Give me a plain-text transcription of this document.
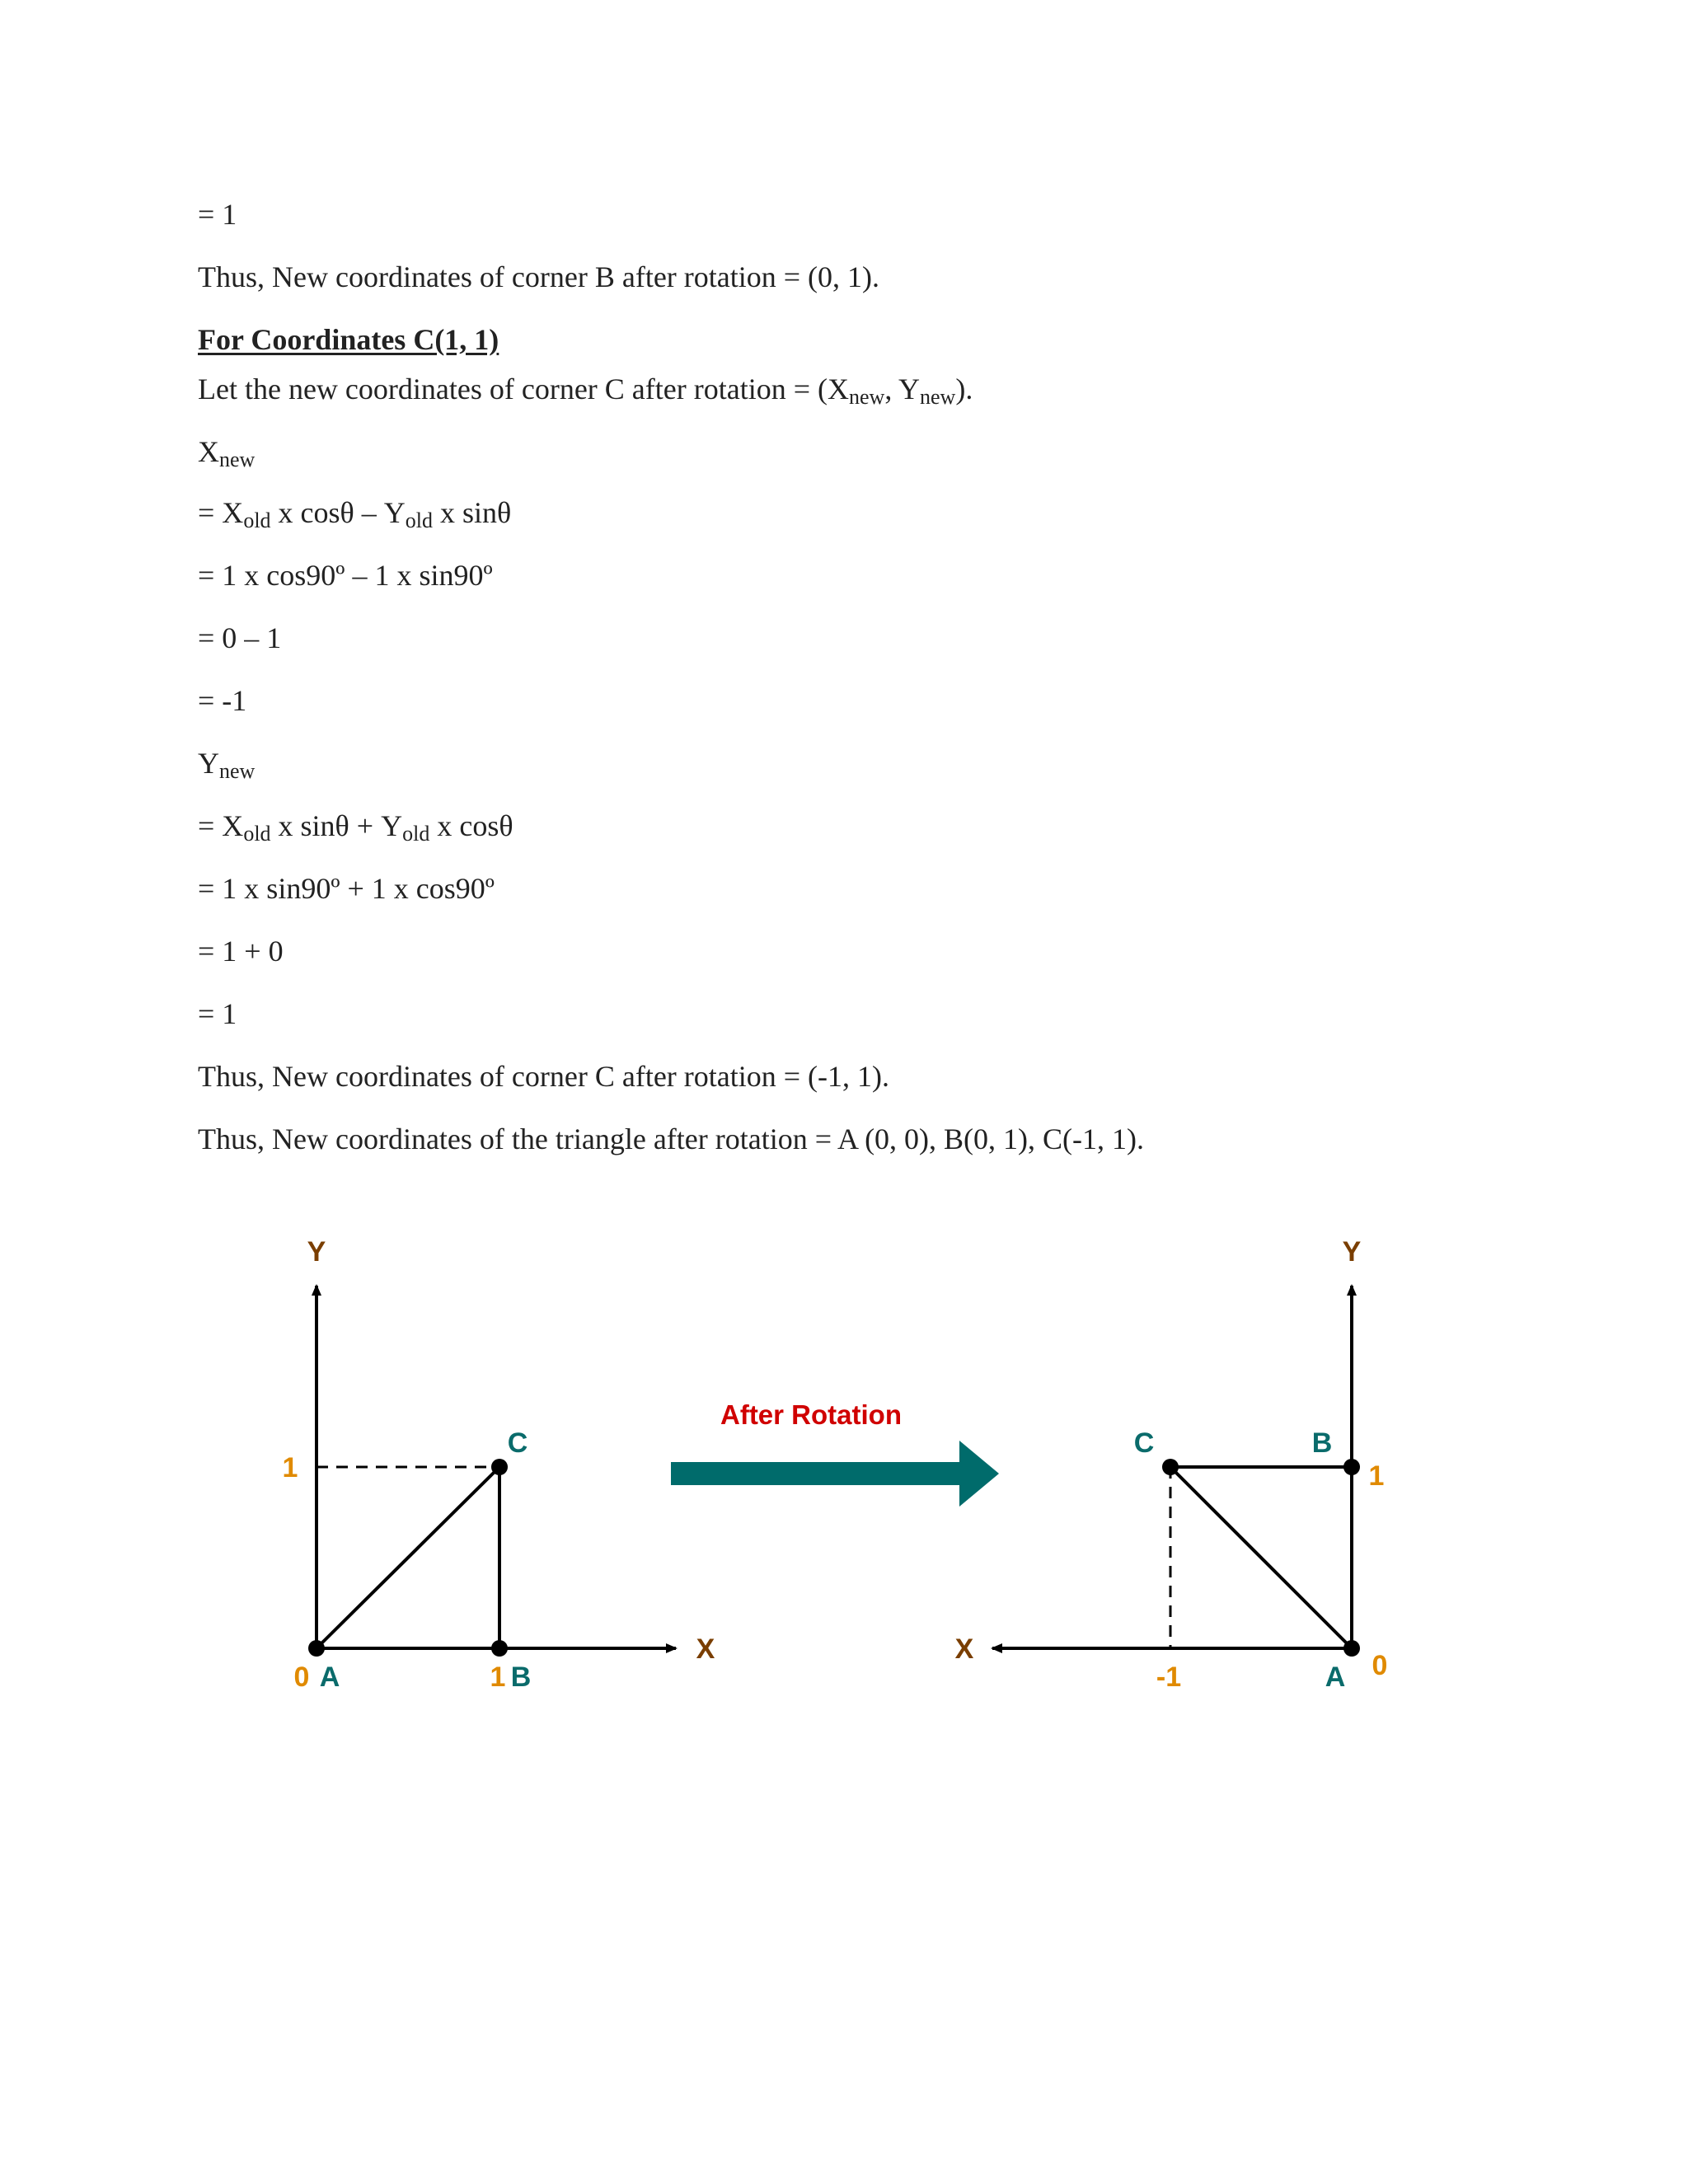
= 1
Thus, New coordinates of corner B after rotation = (0, 1).
For Coordinates C(1, 1)
Let the new coordinates of corner C after rotation = ($X_{new}$, $Y_{new}$).
$X_{new}$
= $X_{old}$ x cosθ – $Y_{old}$ x sinθ
= 1 x cos90º – 1 x sin90º
= 0 – 1
= -1
$Y_{new}$
= $X_{old}$ x $\sin\theta + Y_{old}$ x cosθ
= 1 x sin90º + 1 x cos90º
= 1 + 0
= 1
Thus, New coordinates of corner C after rotation = (-1, 1).
Thus, New coordinates of the triangle after rotation = A (0, 0), B(0, 1), C(-1, 1).
Y
X
1
0 A	1 B
C
After Rotation
Y
X
1
0
-1	A
B
C
